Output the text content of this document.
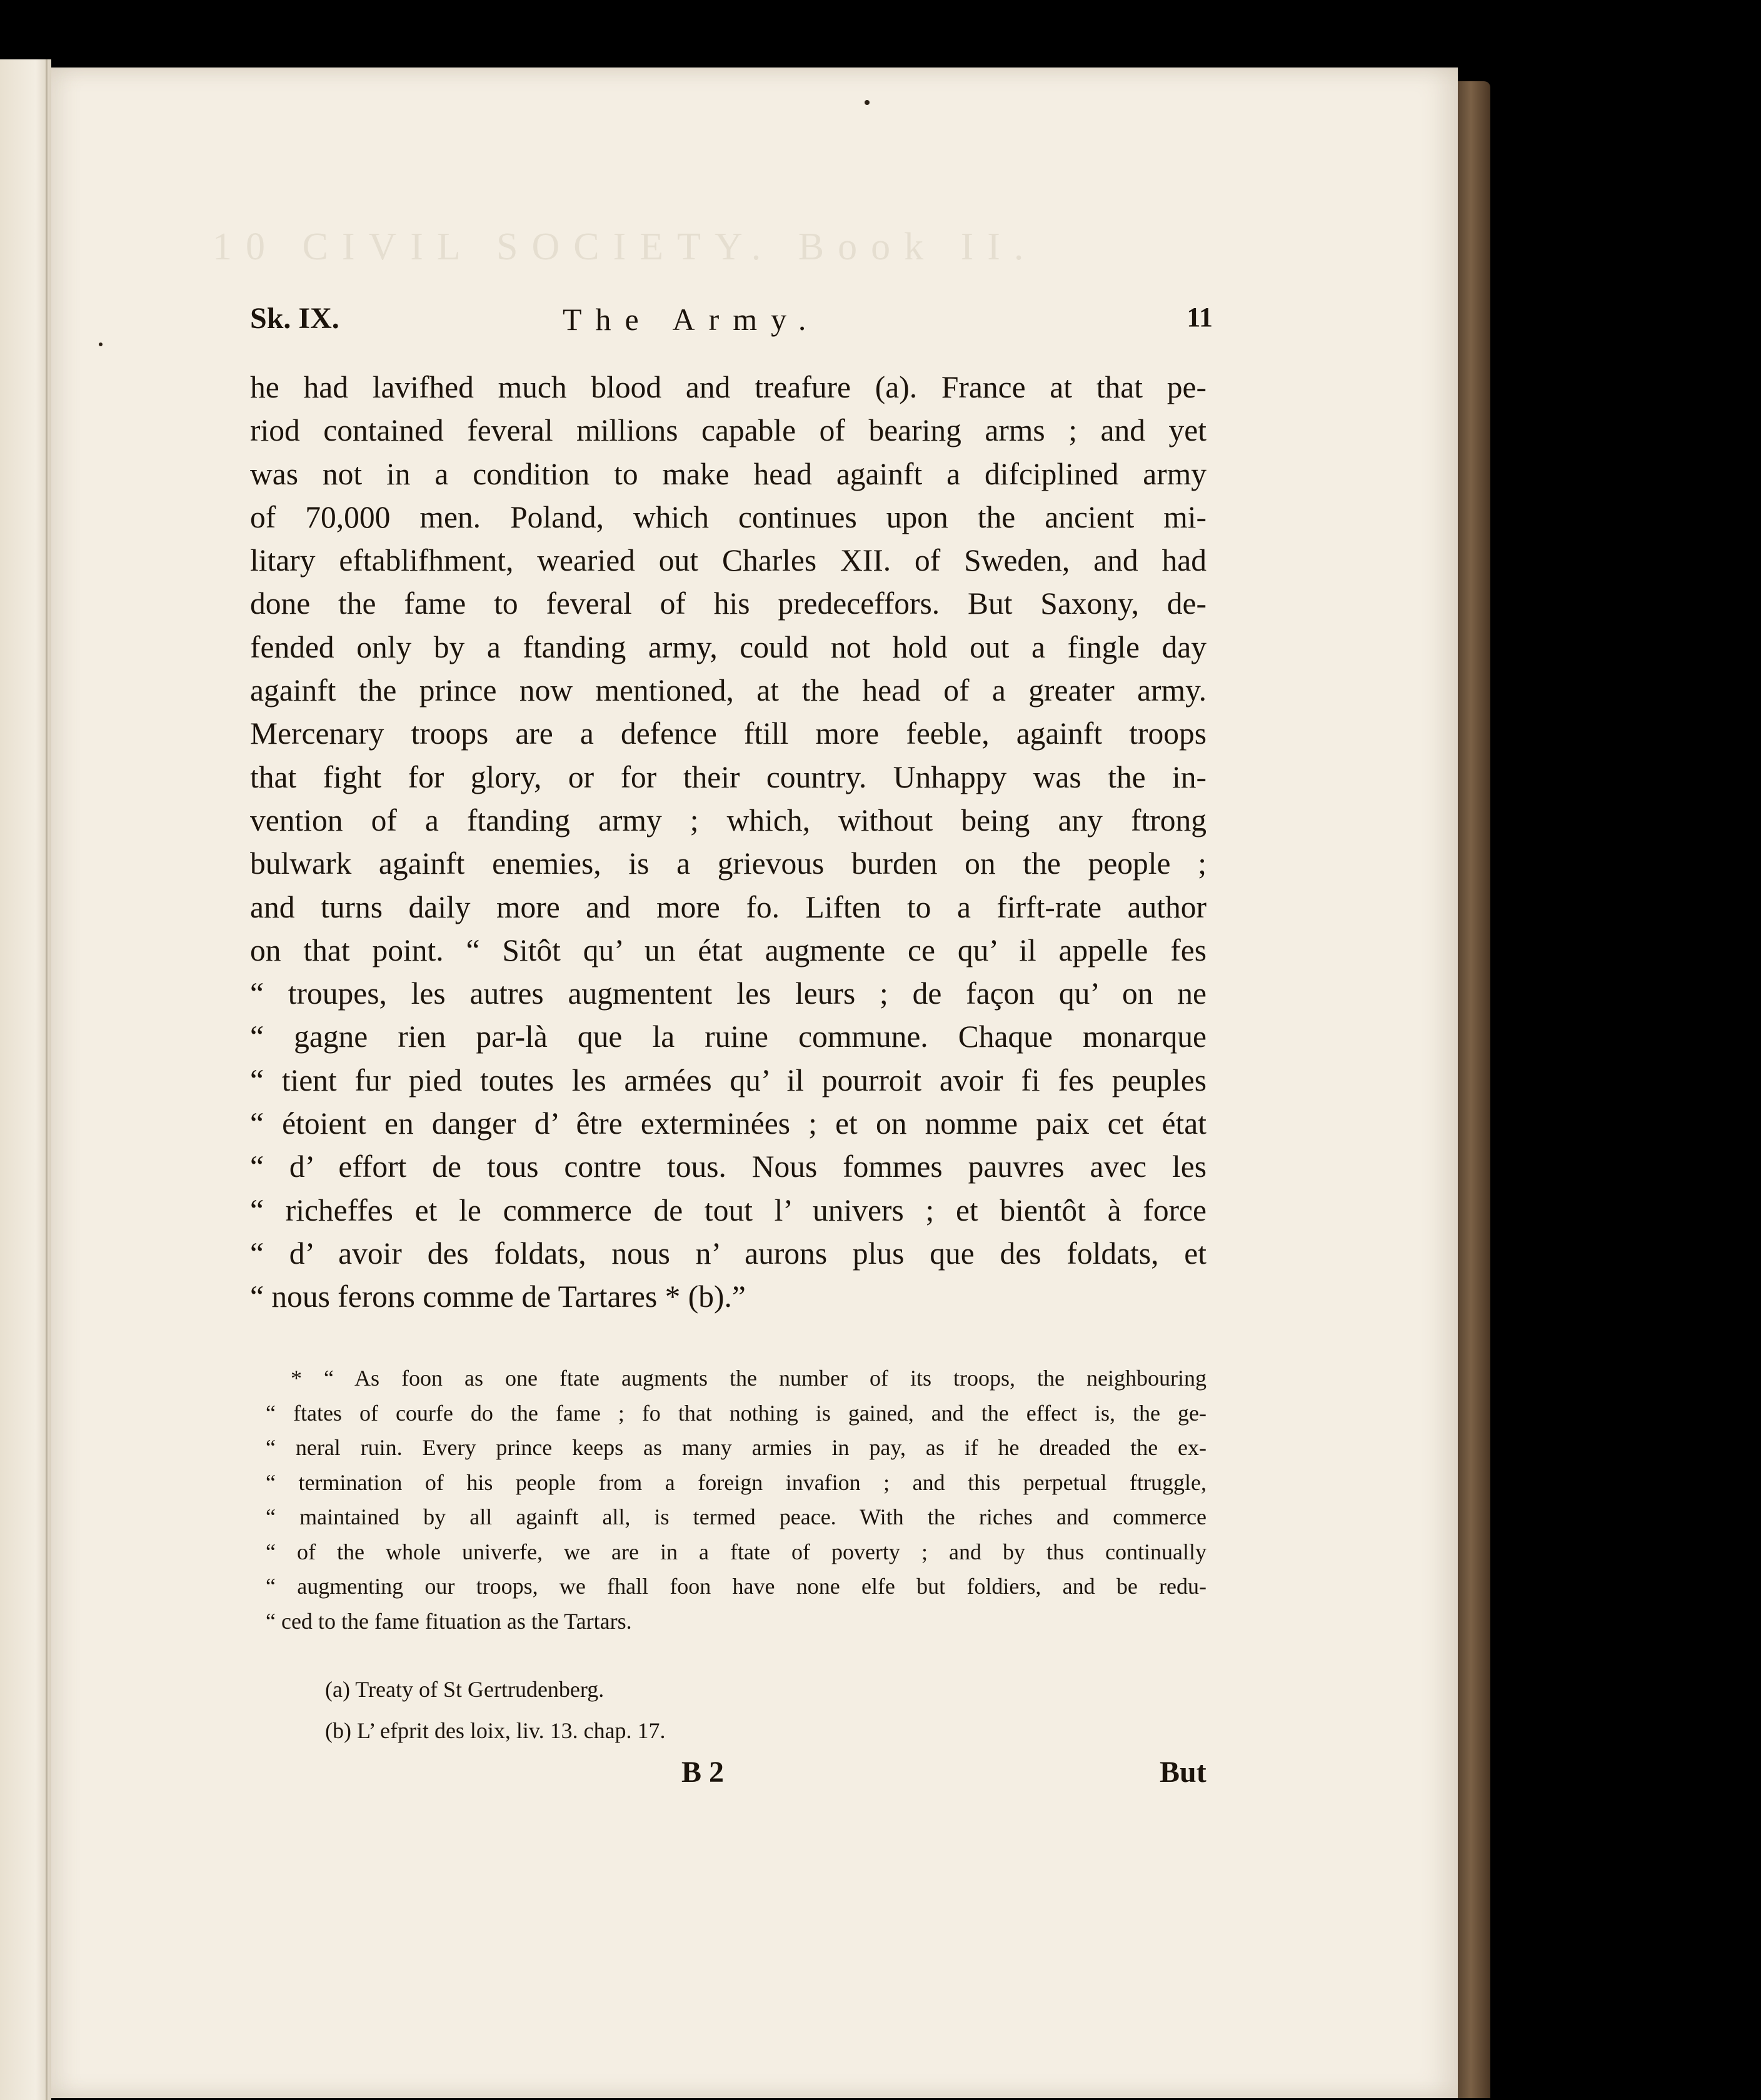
10 CIVIL SOCIETY. Book II.
Sk. IX.	The Army.	11
he had lavifhed much blood and treafure (a). France at that pe-
riod contained feveral millions capable of bearing arms ; and yet
was not in a condition to make head againft a difciplined army
of 70,000 men. Poland, which continues upon the ancient mi-
litary eftablifhment, wearied out Charles XII. of Sweden, and had
done the fame to feveral of his predeceffors. But Saxony, de-
fended only by a ftanding army, could not hold out a fingle day
againft the prince now mentioned, at the head of a greater army.
Mercenary troops are a defence ftill more feeble, againft troops
that fight for glory, or for their country. Unhappy was the in-
vention of a ftanding army ; which, without being any ftrong
bulwark againft enemies, is a grievous burden on the people ;
and turns daily more and more fo. Liften to a firft-rate author
on that point. “ Sitôt qu’ un état augmente ce qu’ il appelle fes
“ troupes, les autres augmentent les leurs ; de façon qu’ on ne
“ gagne rien par-là que la ruine commune. Chaque monarque
“ tient fur pied toutes les armées qu’ il pourroit avoir fi fes peuples
“ étoient en danger d’ être exterminées ; et on nomme paix cet état
“ d’ effort de tous contre tous. Nous fommes pauvres avec les
“ richeffes et le commerce de tout l’ univers ; et bientôt à force
“ d’ avoir des foldats, nous n’ aurons plus que des foldats, et
“ nous ferons comme de Tartares * (b).”
* “ As foon as one ftate augments the number of its troops, the neighbouring
“ ftates of courfe do the fame ; fo that nothing is gained, and the effect is, the ge-
“ neral ruin. Every prince keeps as many armies in pay, as if he dreaded the ex-
“ termination of his people from a foreign invafion ; and this perpetual ftruggle,
“ maintained by all againft all, is termed peace. With the riches and commerce
“ of the whole univerfe, we are in a ftate of poverty ; and by thus continually
“ augmenting our troops, we fhall foon have none elfe but foldiers, and be redu-
“ ced to the fame fituation as the Tartars.
(a) Treaty of St Gertrudenberg.
(b) L’ efprit des loix, liv. 13. chap. 17.
B 2	But
